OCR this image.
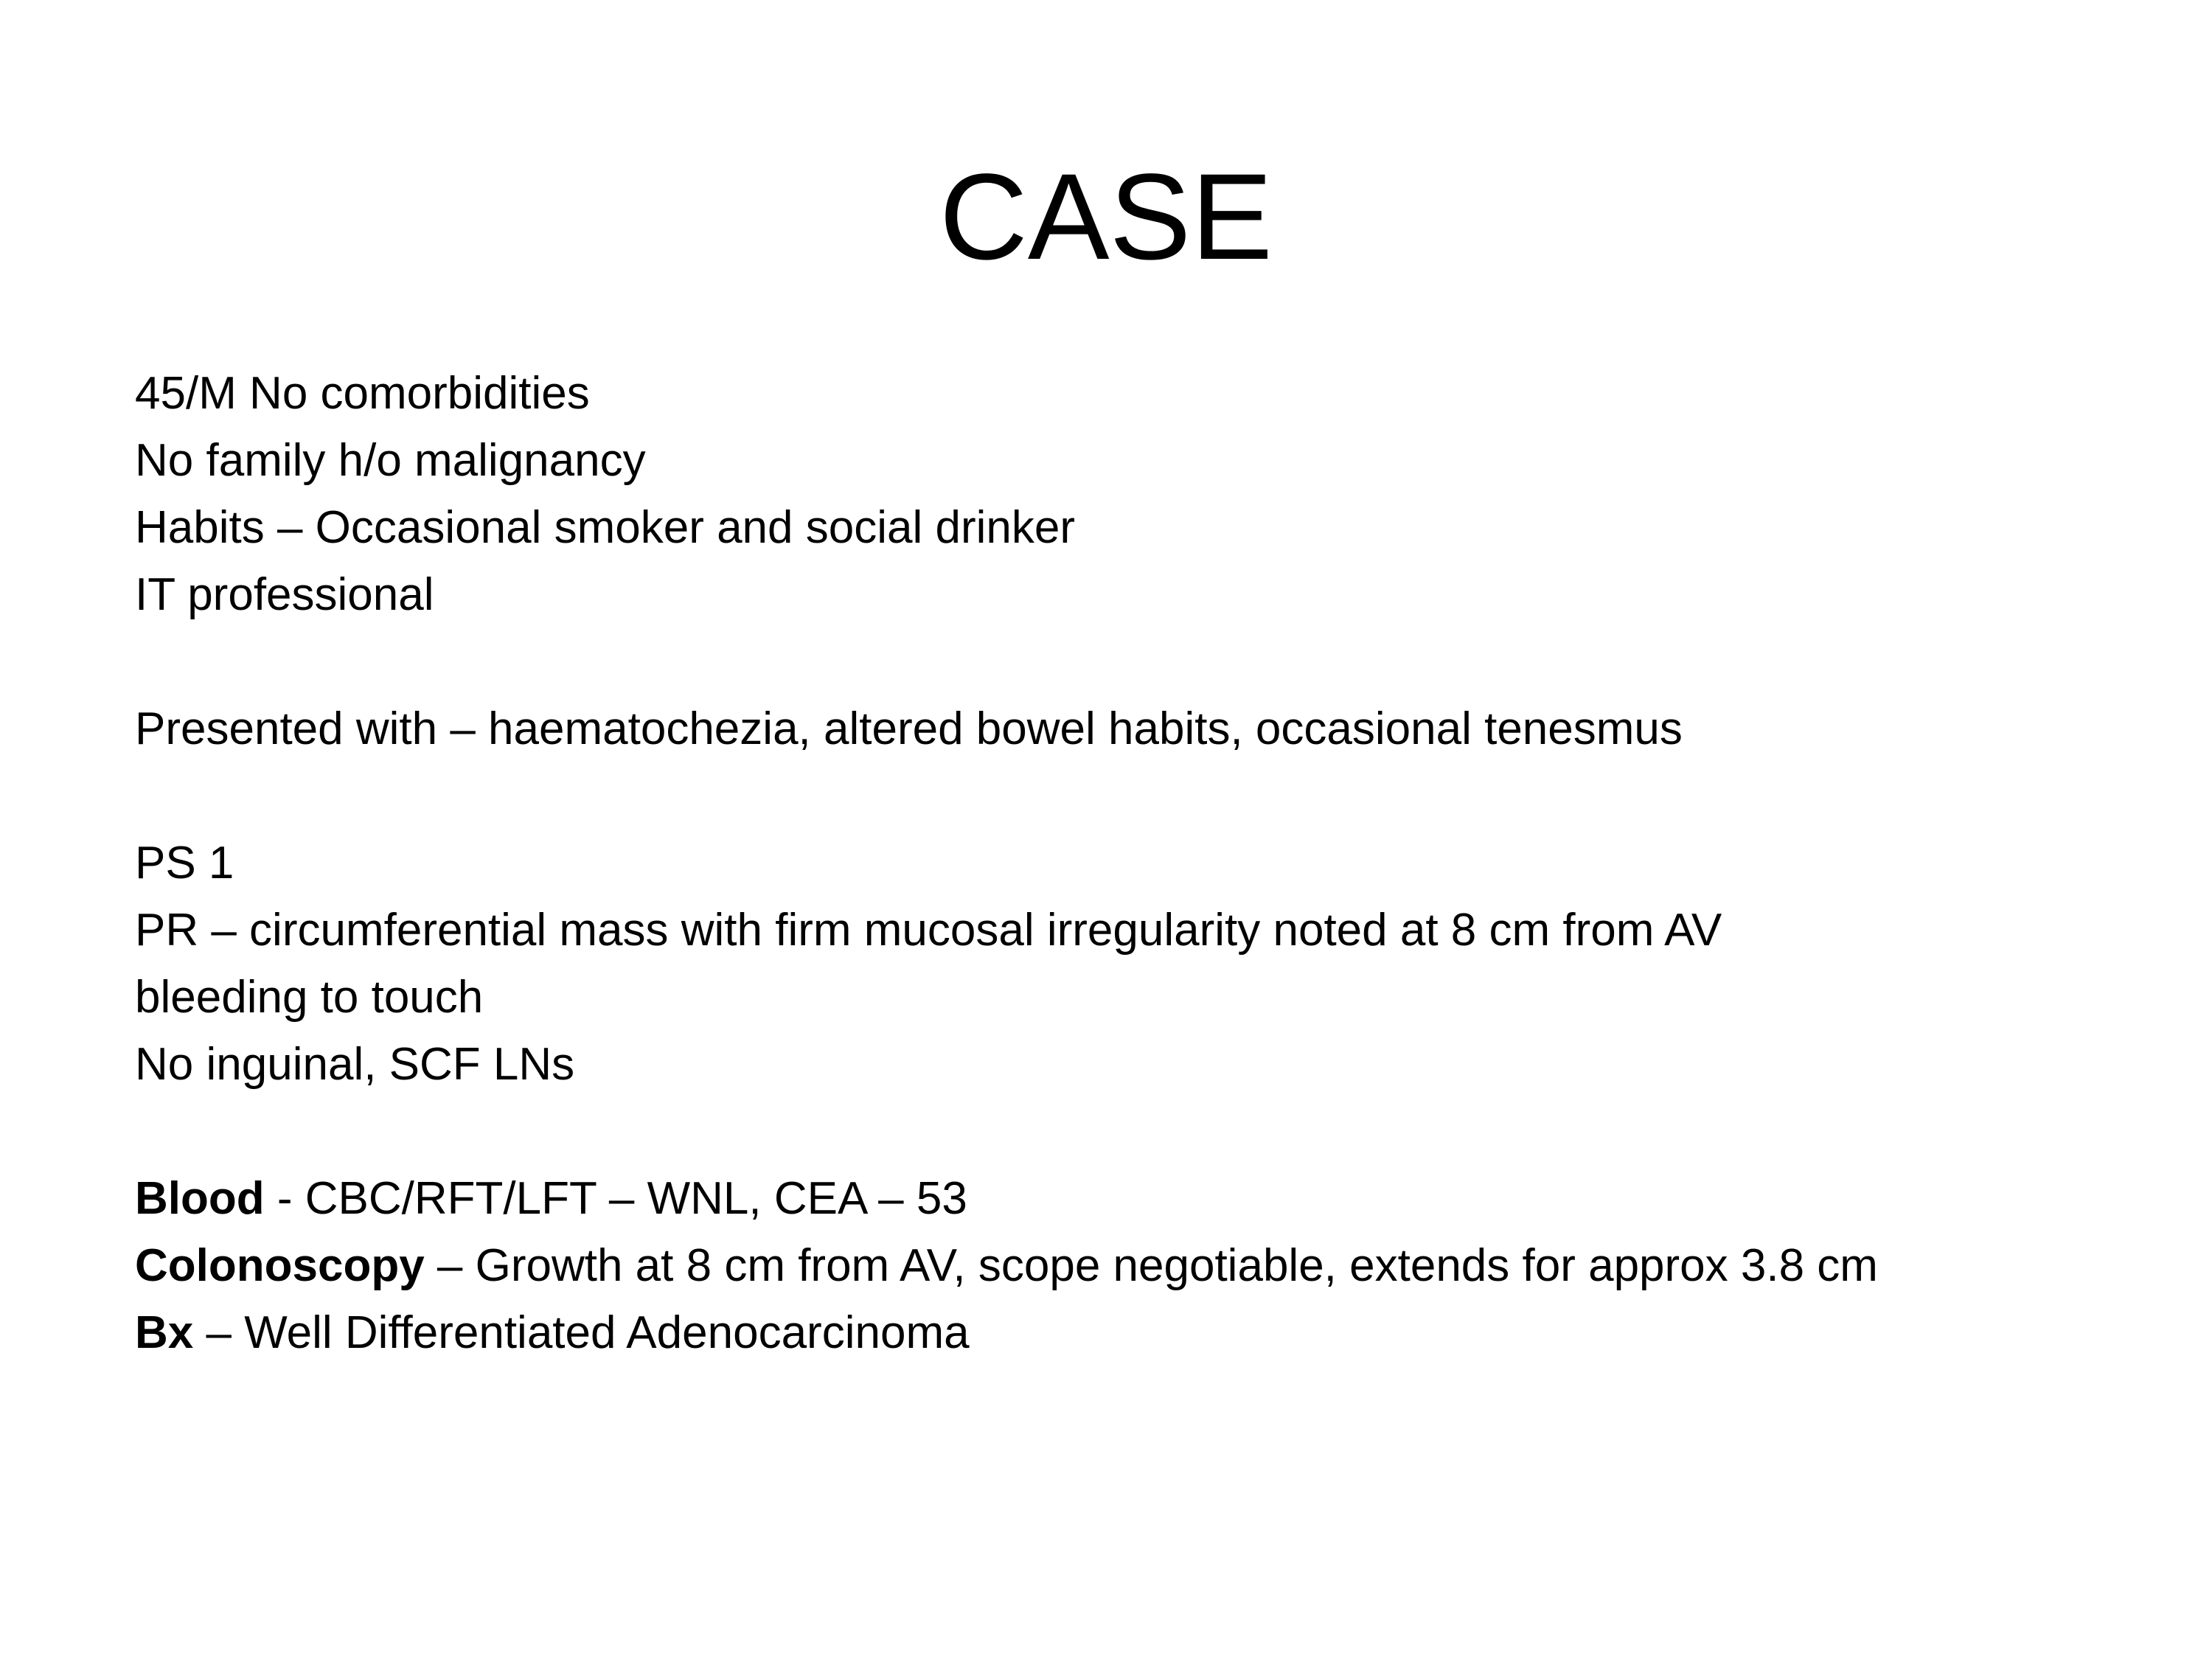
CASE
45/M No comorbidities
No family h/o malignancy
Habits – Occasional smoker and social drinker
IT professional
Presented with – haematochezia, altered bowel habits, occasional tenesmus
PS 1
PR – circumferential mass with firm mucosal irregularity noted at 8 cm from AV
bleeding to touch
No inguinal, SCF LNs
Blood - CBC/RFT/LFT – WNL, CEA – 53
Colonoscopy – Growth at 8 cm from AV, scope negotiable, extends for approx 3.8 cm
Bx – Well Differentiated Adenocarcinoma
